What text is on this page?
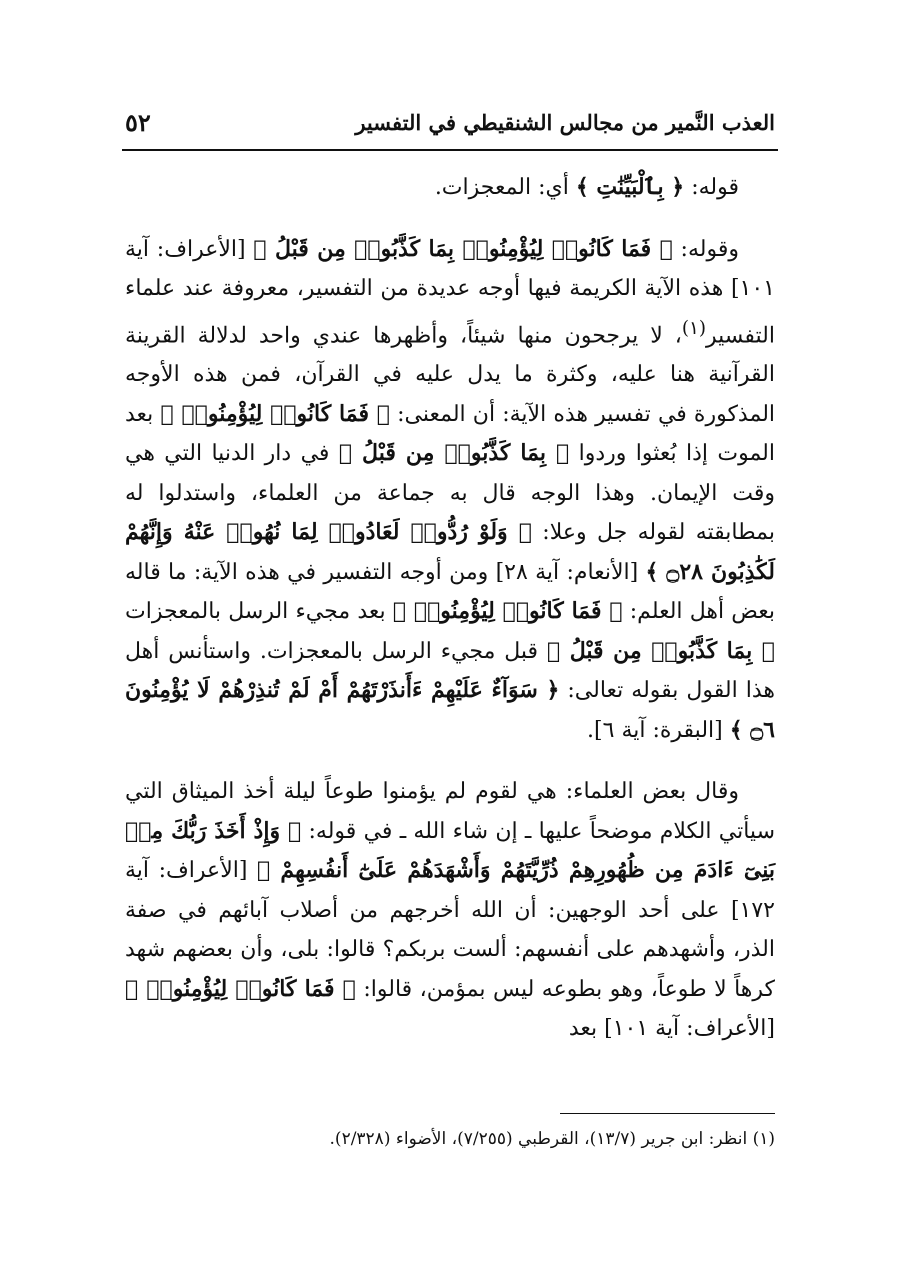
العذب النَّمير من مجالس الشنقيطي في التفسير
٥٢

قوله: ﴿ بِٱلْبَيِّنَٰتِ ﴾ أي: المعجزات.

وقوله: ﴿ فَمَا كَانُوا۟ لِيُؤْمِنُوا۟ بِمَا كَذَّبُوا۟ مِن قَبْلُ ﴾ [الأعراف: آية ١٠١] هذه الآية الكريمة فيها أوجه عديدة من التفسير، معروفة عند علماء التفسير$^{(١)}$، لا يرجحون منها شيئاً، وأظهرها عندي واحد لدلالة القرينة القرآنية هنا عليه، وكثرة ما يدل عليه في القرآن، فمن هذه الأوجه المذكورة في تفسير هذه الآية: أن المعنى: ﴿ فَمَا كَانُوا۟ لِيُؤْمِنُوا۟ ﴾ بعد الموت إذا بُعثوا وردوا ﴿ بِمَا كَذَّبُوا۟ مِن قَبْلُ ﴾ في دار الدنيا التي هي وقت الإيمان. وهذا الوجه قال به جماعة من العلماء، واستدلوا له بمطابقته لقوله جل وعلا: ﴿ وَلَوْ رُدُّوا۟ لَعَادُوا۟ لِمَا نُهُوا۟ عَنْهُ وَإِنَّهُمْ لَكَٰذِبُونَ ۝٢٨ ﴾ [الأنعام: آية ٢٨] ومن أوجه التفسير في هذه الآية: ما قاله بعض أهل العلم: ﴿ فَمَا كَانُوا۟ لِيُؤْمِنُوا۟ ﴾ بعد مجيء الرسل بالمعجزات ﴿ بِمَا كَذَّبُوا۟ مِن قَبْلُ ﴾ قبل مجيء الرسل بالمعجزات. واستأنس أهل هذا القول بقوله تعالى: ﴿ سَوَآءٌ عَلَيْهِمْ ءَأَنذَرْتَهُمْ أَمْ لَمْ تُنذِرْهُمْ لَا يُؤْمِنُونَ ۝٦ ﴾ [البقرة: آية ٦].

وقال بعض العلماء: هي لقوم لم يؤمنوا طوعاً ليلة أخذ الميثاق التي سيأتي الكلام موضحاً عليها ـ إن شاء الله ـ في قوله: ﴿ وَإِذْ أَخَذَ رَبُّكَ مِنۢ بَنِىٓ ءَادَمَ مِن ظُهُورِهِمْ ذُرِّيَّتَهُمْ وَأَشْهَدَهُمْ عَلَىٰٓ أَنفُسِهِمْ ﴾ [الأعراف: آية ١٧٢] على أحد الوجهين: أن الله أخرجهم من أصلاب آبائهم في صفة الذر، وأشهدهم على أنفسهم: ألست بربكم؟ قالوا: بلى، وأن بعضهم شهد كرهاً لا طوعاً، وهو بطوعه ليس بمؤمن، قالوا: ﴿ فَمَا كَانُوا۟ لِيُؤْمِنُوا۟ ﴾ [الأعراف: آية ١٠١] بعد

(١) انظر: ابن جرير (١٣/٧)، القرطبي (٧/٢٥٥)، الأضواء (٢/٣٢٨).
